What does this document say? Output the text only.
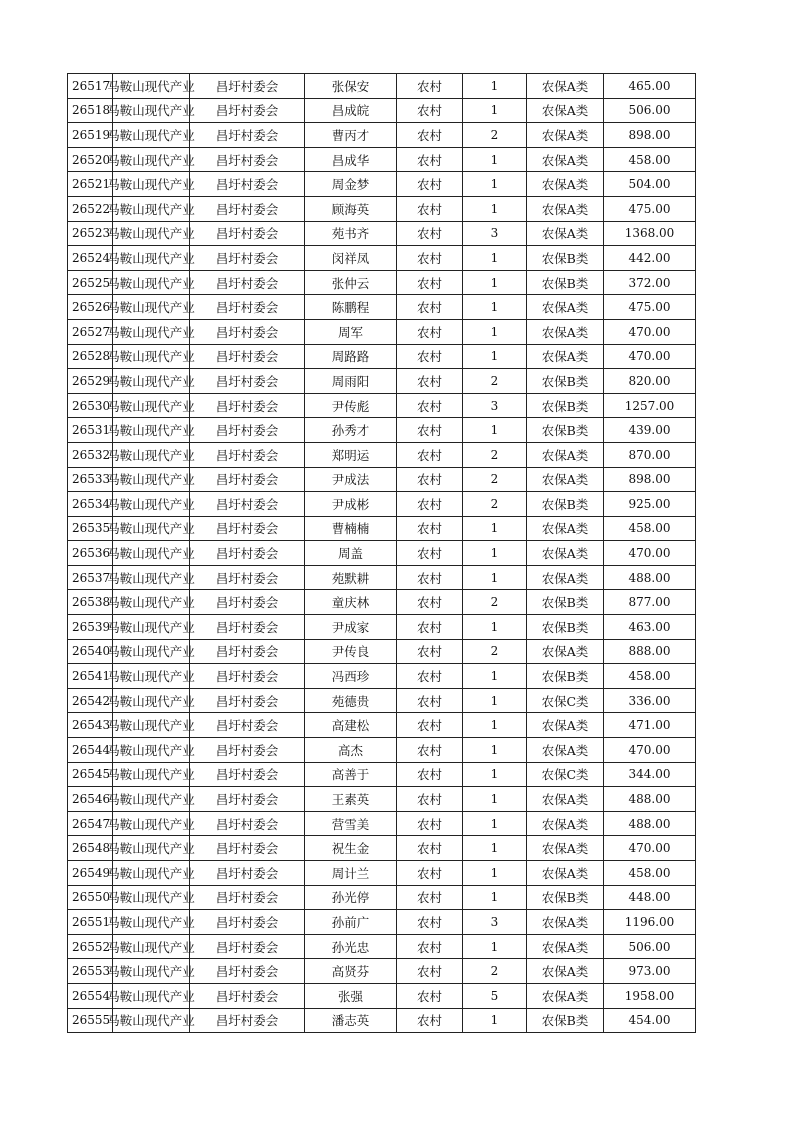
26517	马鞍山现代产业	昌圩村委会	张保安	农村	1	农保A类	465.00
26518	马鞍山现代产业	昌圩村委会	昌成皖	农村	1	农保A类	506.00
26519	马鞍山现代产业	昌圩村委会	曹丙才	农村	2	农保A类	898.00
26520	马鞍山现代产业	昌圩村委会	昌成华	农村	1	农保A类	458.00
26521	马鞍山现代产业	昌圩村委会	周金梦	农村	1	农保A类	504.00
26522	马鞍山现代产业	昌圩村委会	顾海英	农村	1	农保A类	475.00
26523	马鞍山现代产业	昌圩村委会	苑书齐	农村	3	农保A类	1368.00
26524	马鞍山现代产业	昌圩村委会	闵祥凤	农村	1	农保B类	442.00
26525	马鞍山现代产业	昌圩村委会	张仲云	农村	1	农保B类	372.00
26526	马鞍山现代产业	昌圩村委会	陈鹏程	农村	1	农保A类	475.00
26527	马鞍山现代产业	昌圩村委会	周军	农村	1	农保A类	470.00
26528	马鞍山现代产业	昌圩村委会	周路路	农村	1	农保A类	470.00
26529	马鞍山现代产业	昌圩村委会	周雨阳	农村	2	农保B类	820.00
26530	马鞍山现代产业	昌圩村委会	尹传彪	农村	3	农保B类	1257.00
26531	马鞍山现代产业	昌圩村委会	孙秀才	农村	1	农保B类	439.00
26532	马鞍山现代产业	昌圩村委会	郑明运	农村	2	农保A类	870.00
26533	马鞍山现代产业	昌圩村委会	尹成法	农村	2	农保A类	898.00
26534	马鞍山现代产业	昌圩村委会	尹成彬	农村	2	农保B类	925.00
26535	马鞍山现代产业	昌圩村委会	曹楠楠	农村	1	农保A类	458.00
26536	马鞍山现代产业	昌圩村委会	周盖	农村	1	农保A类	470.00
26537	马鞍山现代产业	昌圩村委会	苑默耕	农村	1	农保A类	488.00
26538	马鞍山现代产业	昌圩村委会	童庆林	农村	2	农保B类	877.00
26539	马鞍山现代产业	昌圩村委会	尹成家	农村	1	农保B类	463.00
26540	马鞍山现代产业	昌圩村委会	尹传良	农村	2	农保A类	888.00
26541	马鞍山现代产业	昌圩村委会	冯西珍	农村	1	农保B类	458.00
26542	马鞍山现代产业	昌圩村委会	苑德贵	农村	1	农保C类	336.00
26543	马鞍山现代产业	昌圩村委会	高建松	农村	1	农保A类	471.00
26544	马鞍山现代产业	昌圩村委会	高杰	农村	1	农保A类	470.00
26545	马鞍山现代产业	昌圩村委会	高善于	农村	1	农保C类	344.00
26546	马鞍山现代产业	昌圩村委会	王素英	农村	1	农保A类	488.00
26547	马鞍山现代产业	昌圩村委会	营雪美	农村	1	农保A类	488.00
26548	马鞍山现代产业	昌圩村委会	祝生金	农村	1	农保A类	470.00
26549	马鞍山现代产业	昌圩村委会	周计兰	农村	1	农保A类	458.00
26550	马鞍山现代产业	昌圩村委会	孙光停	农村	1	农保B类	448.00
26551	马鞍山现代产业	昌圩村委会	孙前广	农村	3	农保A类	1196.00
26552	马鞍山现代产业	昌圩村委会	孙光忠	农村	1	农保A类	506.00
26553	马鞍山现代产业	昌圩村委会	高贤芬	农村	2	农保A类	973.00
26554	马鞍山现代产业	昌圩村委会	张强	农村	5	农保A类	1958.00
26555	马鞍山现代产业	昌圩村委会	潘志英	农村	1	农保B类	454.00
